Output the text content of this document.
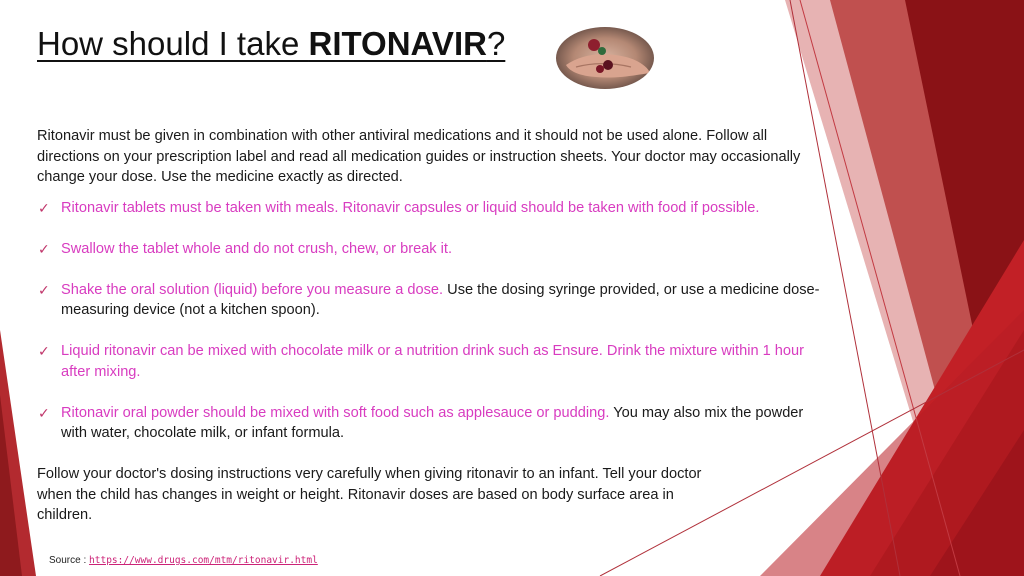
How should I take RITONAVIR?

Ritonavir must be given in combination with other antiviral medications and it should not be used alone. Follow all directions on your prescription label and read all medication guides or instruction sheets. Your doctor may occasionally change your dose. Use the medicine exactly as directed.

✓ Ritonavir tablets must be taken with meals. Ritonavir capsules or liquid should be taken with food if possible.
✓ Swallow the tablet whole and do not crush, chew, or break it.
✓ Shake the oral solution (liquid) before you measure a dose. Use the dosing syringe provided, or use a medicine dose-measuring device (not a kitchen spoon).
✓ Liquid ritonavir can be mixed with chocolate milk or a nutrition drink such as Ensure. Drink the mixture within 1 hour after mixing.
✓ Ritonavir oral powder should be mixed with soft food such as applesauce or pudding. You may also mix the powder with water, chocolate milk, or infant formula.

Follow your doctor's dosing instructions very carefully when giving ritonavir to an infant. Tell your doctor when the child has changes in weight or height. Ritonavir doses are based on body surface area in children.

Source : https://www.drugs.com/mtm/ritonavir.html
